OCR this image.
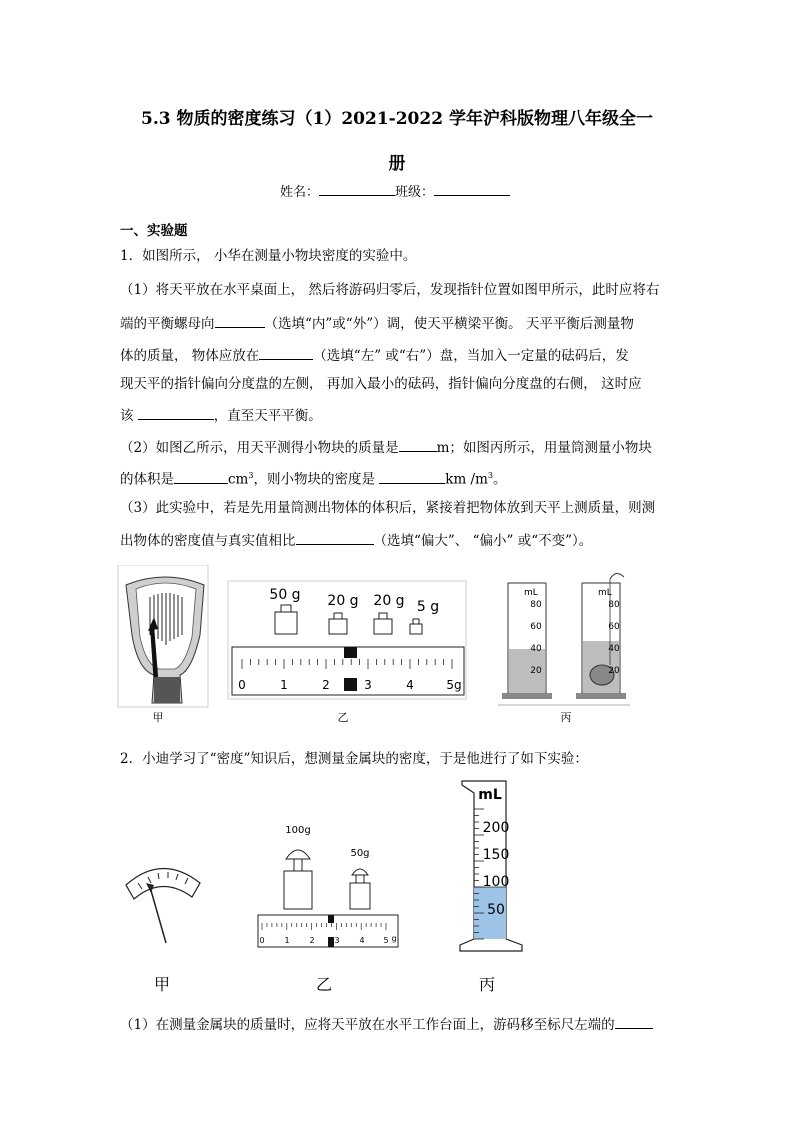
5.3 物质的密度练习（1）2021-2022 学年沪科版物理八年级全一
册
姓名：	班级：
一、实验题
1．如图所示， 小华在测量小物块密度的实验中。
（1）将天平放在水平桌面上， 然后将游码归零后，发现指针位置如图甲所示，此时应将右
端的平衡螺母向	（选填“内”或“外”）调，使天平横梁平衡。 天平平衡后测量物
体的质量， 物体应放在	（选填“左” 或“右”）盘，当加入一定量的砝码后，发
现天平的指针偏向分度盘的左侧， 再加入最小的砝码，指针偏向分度盘的右侧， 这时应
该	，直至天平平衡。
（2）如图乙所示，用天平测得小物块的质量是	m；如图丙所示，用量筒测量小物块
的体积是	$cm^3$，则小物块的密度是	km $/m^3$。
（3）此实验中，若是先用量筒测出物体的体积后，紧接着把物体放到天平上测质量，则测
出物体的密度值与真实值相比	（选填“偏大”、 “偏小” 或“不变”）。
甲
50 g 20 g 20 g 5 g
0	1	2	3	4	5g
乙
mL
80
60
40
20
mL
80
60
40
20
丙
2．小迪学习了“密度”知识后，想测量金属块的密度，于是他进行了如下实验：
甲
100g
50g
0 1 2 3 4 5 g
乙
mL
200
150
100
50
丙
（1）在测量金属块的质量时，应将天平放在水平工作台面上，游码移至标尺左端的
